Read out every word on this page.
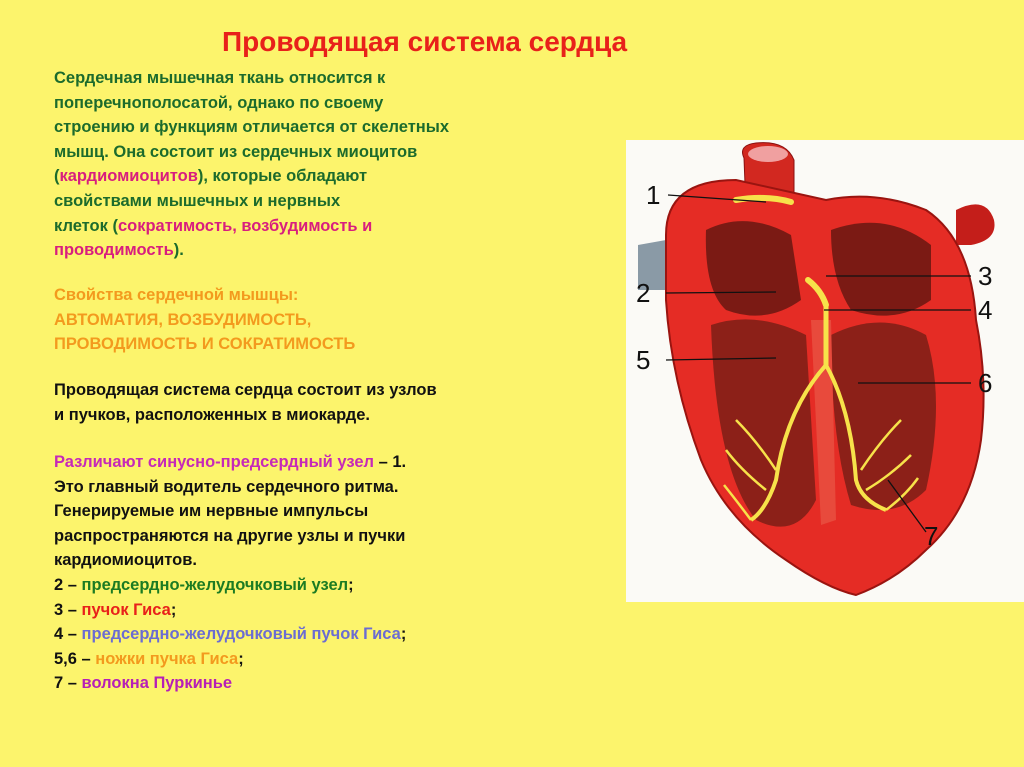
Проводящая система сердца
Сердечная мышечная ткань относится к
поперечнополосатой, однако по своему
строению и функциям отличается от скелетных
мышц. Она состоит из сердечных миоцитов
(кардиомиоцитов), которые обладают
свойствами мышечных и нервных
клеток (сократимость, возбудимость и
проводимость).
Свойства сердечной мышцы:
АВТОМАТИЯ, ВОЗБУДИМОСТЬ,
ПРОВОДИМОСТЬ И СОКРАТИМОСТЬ
Проводящая система сердца состоит из узлов
и пучков, расположенных в миокарде.
Различают синусно-предсердный узел – 1.
Это главный водитель сердечного ритма.
Генерируемые им нервные импульсы
распространяются на другие узлы и пучки
кардиомиоцитов.
2 – предсердно-желудочковый узел;
3 – пучок Гиса;
4 – предсердно-желудочковый пучок Гиса;
5,6 – ножки пучка Гиса;
7 – волокна Пуркинье
1
2
3
4
5
6
7
